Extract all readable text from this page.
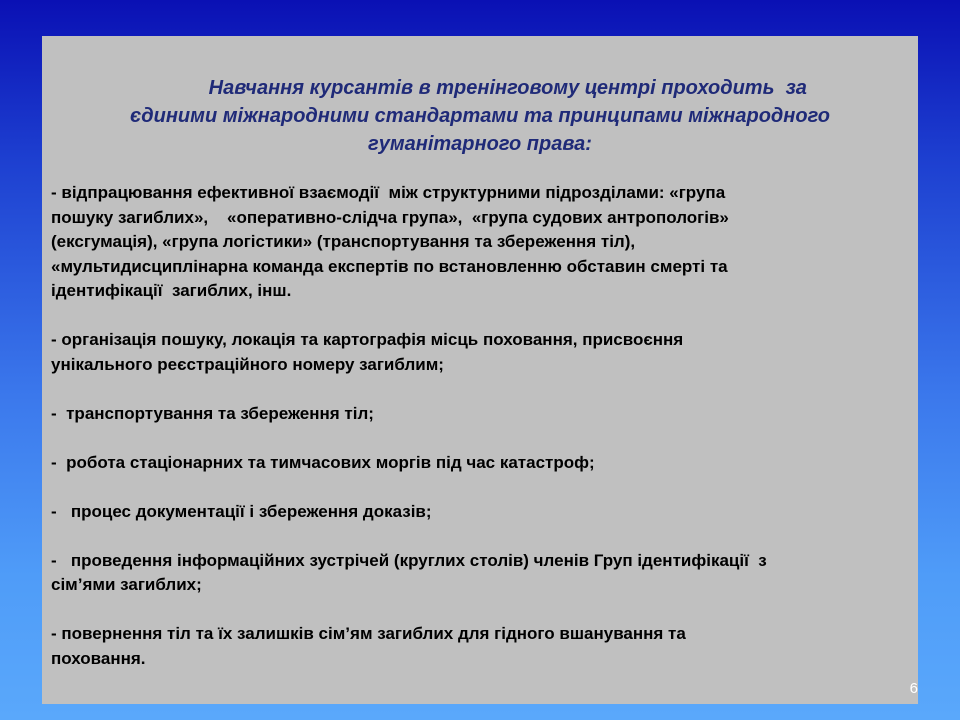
Навчання курсантів в тренінговому центрі проходить  за
єдиними міжнародними стандартами та принципами міжнародного
гуманітарного права:
- відпрацювання ефективної взаємодії  між структурними підрозділами: «група
пошуку загиблих»,    «оперативно-слідча група»,  «група судових антропологів»
(ексгумація), «група логістики» (транспортування та збереження тіл),
«мультидисциплінарна команда експертів по встановленню обставин смерті та
ідентифікації  загиблих, інш.
- організація пошуку, локація та картографія місць поховання, присвоєння
унікального реєстраційного номеру загиблим;
-  транспортування та збереження тіл;
-  робота стаціонарних та тимчасових моргів під час катастроф;
-   процес документації і збереження доказів;
-   проведення інформаційних зустрічей (круглих столів) членів Груп ідентифікації  з
сім’ями загиблих;
- повернення тіл та їх залишків сім’ям загиблих для гідного вшанування та
поховання.
6
